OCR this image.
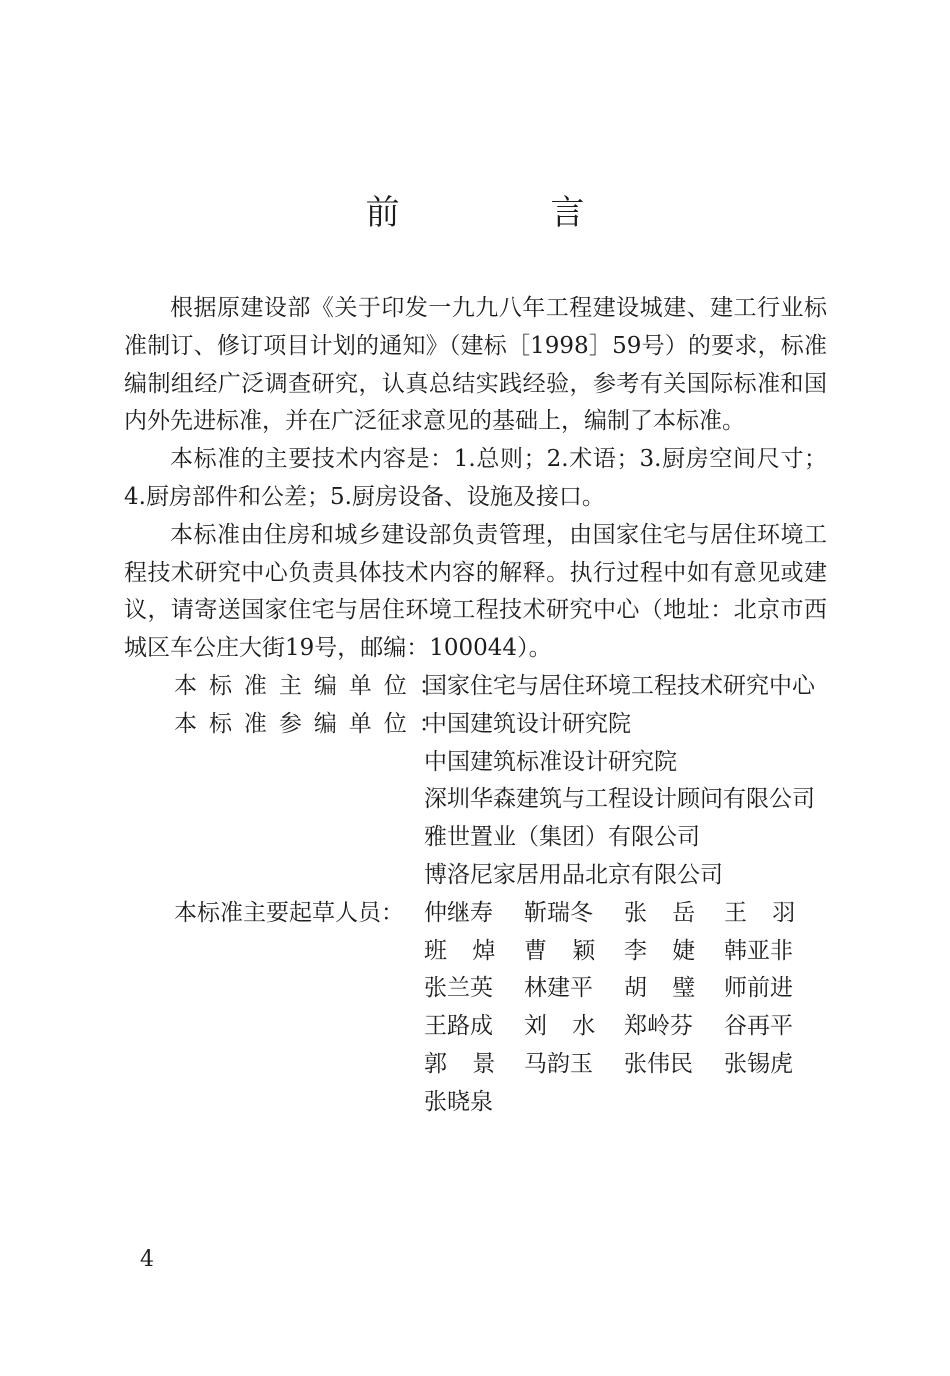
前 言

根据原建设部《关于印发一九九八年工程建设城建、建工行业标准制订、修订项目计划的通知》（建标［1998］59号）的要求，标准编制组经广泛调查研究，认真总结实践经验，参考有关国际标准和国内外先进标准，并在广泛征求意见的基础上，编制了本标准。

本标准的主要技术内容是：1.总则；2.术语；3.厨房空间尺寸；4.厨房部件和公差；5.厨房设备、设施及接口。

本标准由住房和城乡建设部负责管理，由国家住宅与居住环境工程技术研究中心负责具体技术内容的解释。执行过程中如有意见或建议，请寄送国家住宅与居住环境工程技术研究中心（地址：北京市西城区车公庄大街19号，邮编：100044）。

本标准主编单位：
国家住宅与居住环境工程技术研究中心
本标准参编单位：
中国建筑设计研究院
中国建筑标准设计研究院
深圳华森建筑与工程设计顾问有限公司
雅世置业（集团）有限公司
博洛尼家居用品北京有限公司
本标准主要起草人员： 仲继寿	靳瑞冬	张岳 王羽
班焯 曹颖 李婕 韩亚非
张兰英	林建平	胡璧 师前进
王路成	刘水 郑岭芬	谷再平
郭景 马韵玉	张伟民	张锡虎
张晓泉
4
